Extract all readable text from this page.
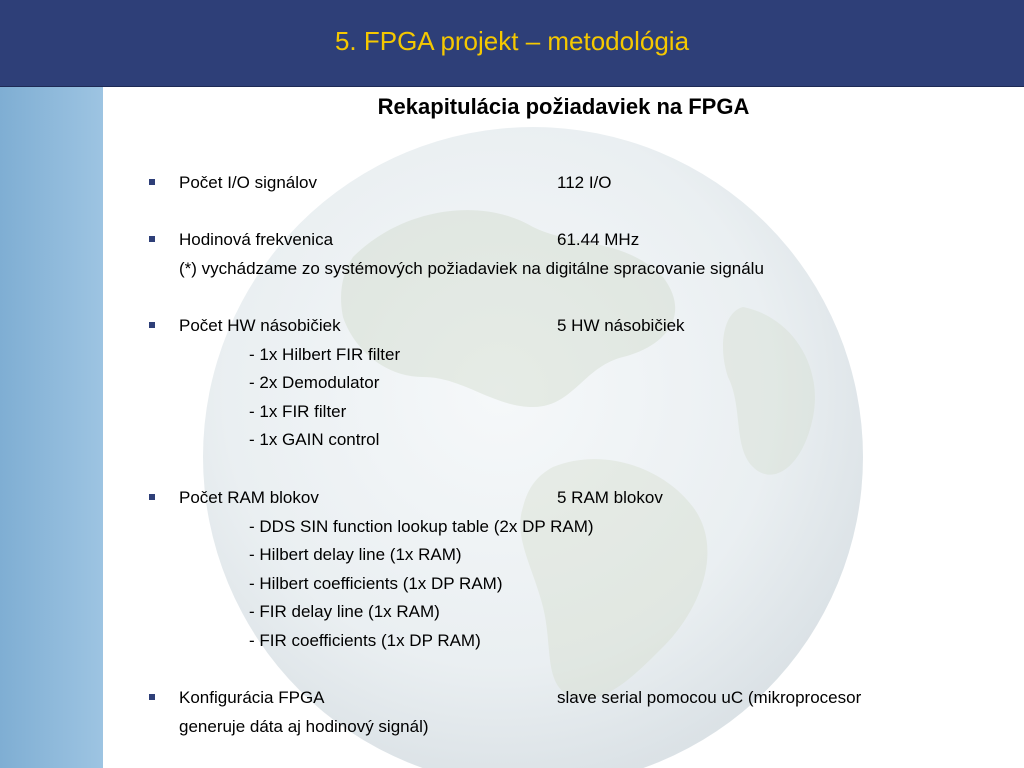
5. FPGA projekt – metodológia
Rekapitulácia požiadaviek na FPGA
Počet I/O signálov	112 I/O
Hodinová frekvenica	61.44 MHz
(*) vychádzame zo systémových požiadaviek na digitálne spracovanie signálu
Počet HW násobičiek	5 HW násobičiek
- 1x Hilbert FIR filter
- 2x Demodulator
- 1x FIR filter
- 1x GAIN control
Počet RAM blokov	5 RAM blokov
- DDS SIN function lookup table (2x DP RAM)
- Hilbert delay line (1x RAM)
- Hilbert coefficients (1x DP RAM)
- FIR delay line (1x RAM)
- FIR coefficients (1x DP RAM)
Konfigurácia FPGA	slave serial pomocou uC (mikroprocesor
generuje dáta aj hodinový signál)
